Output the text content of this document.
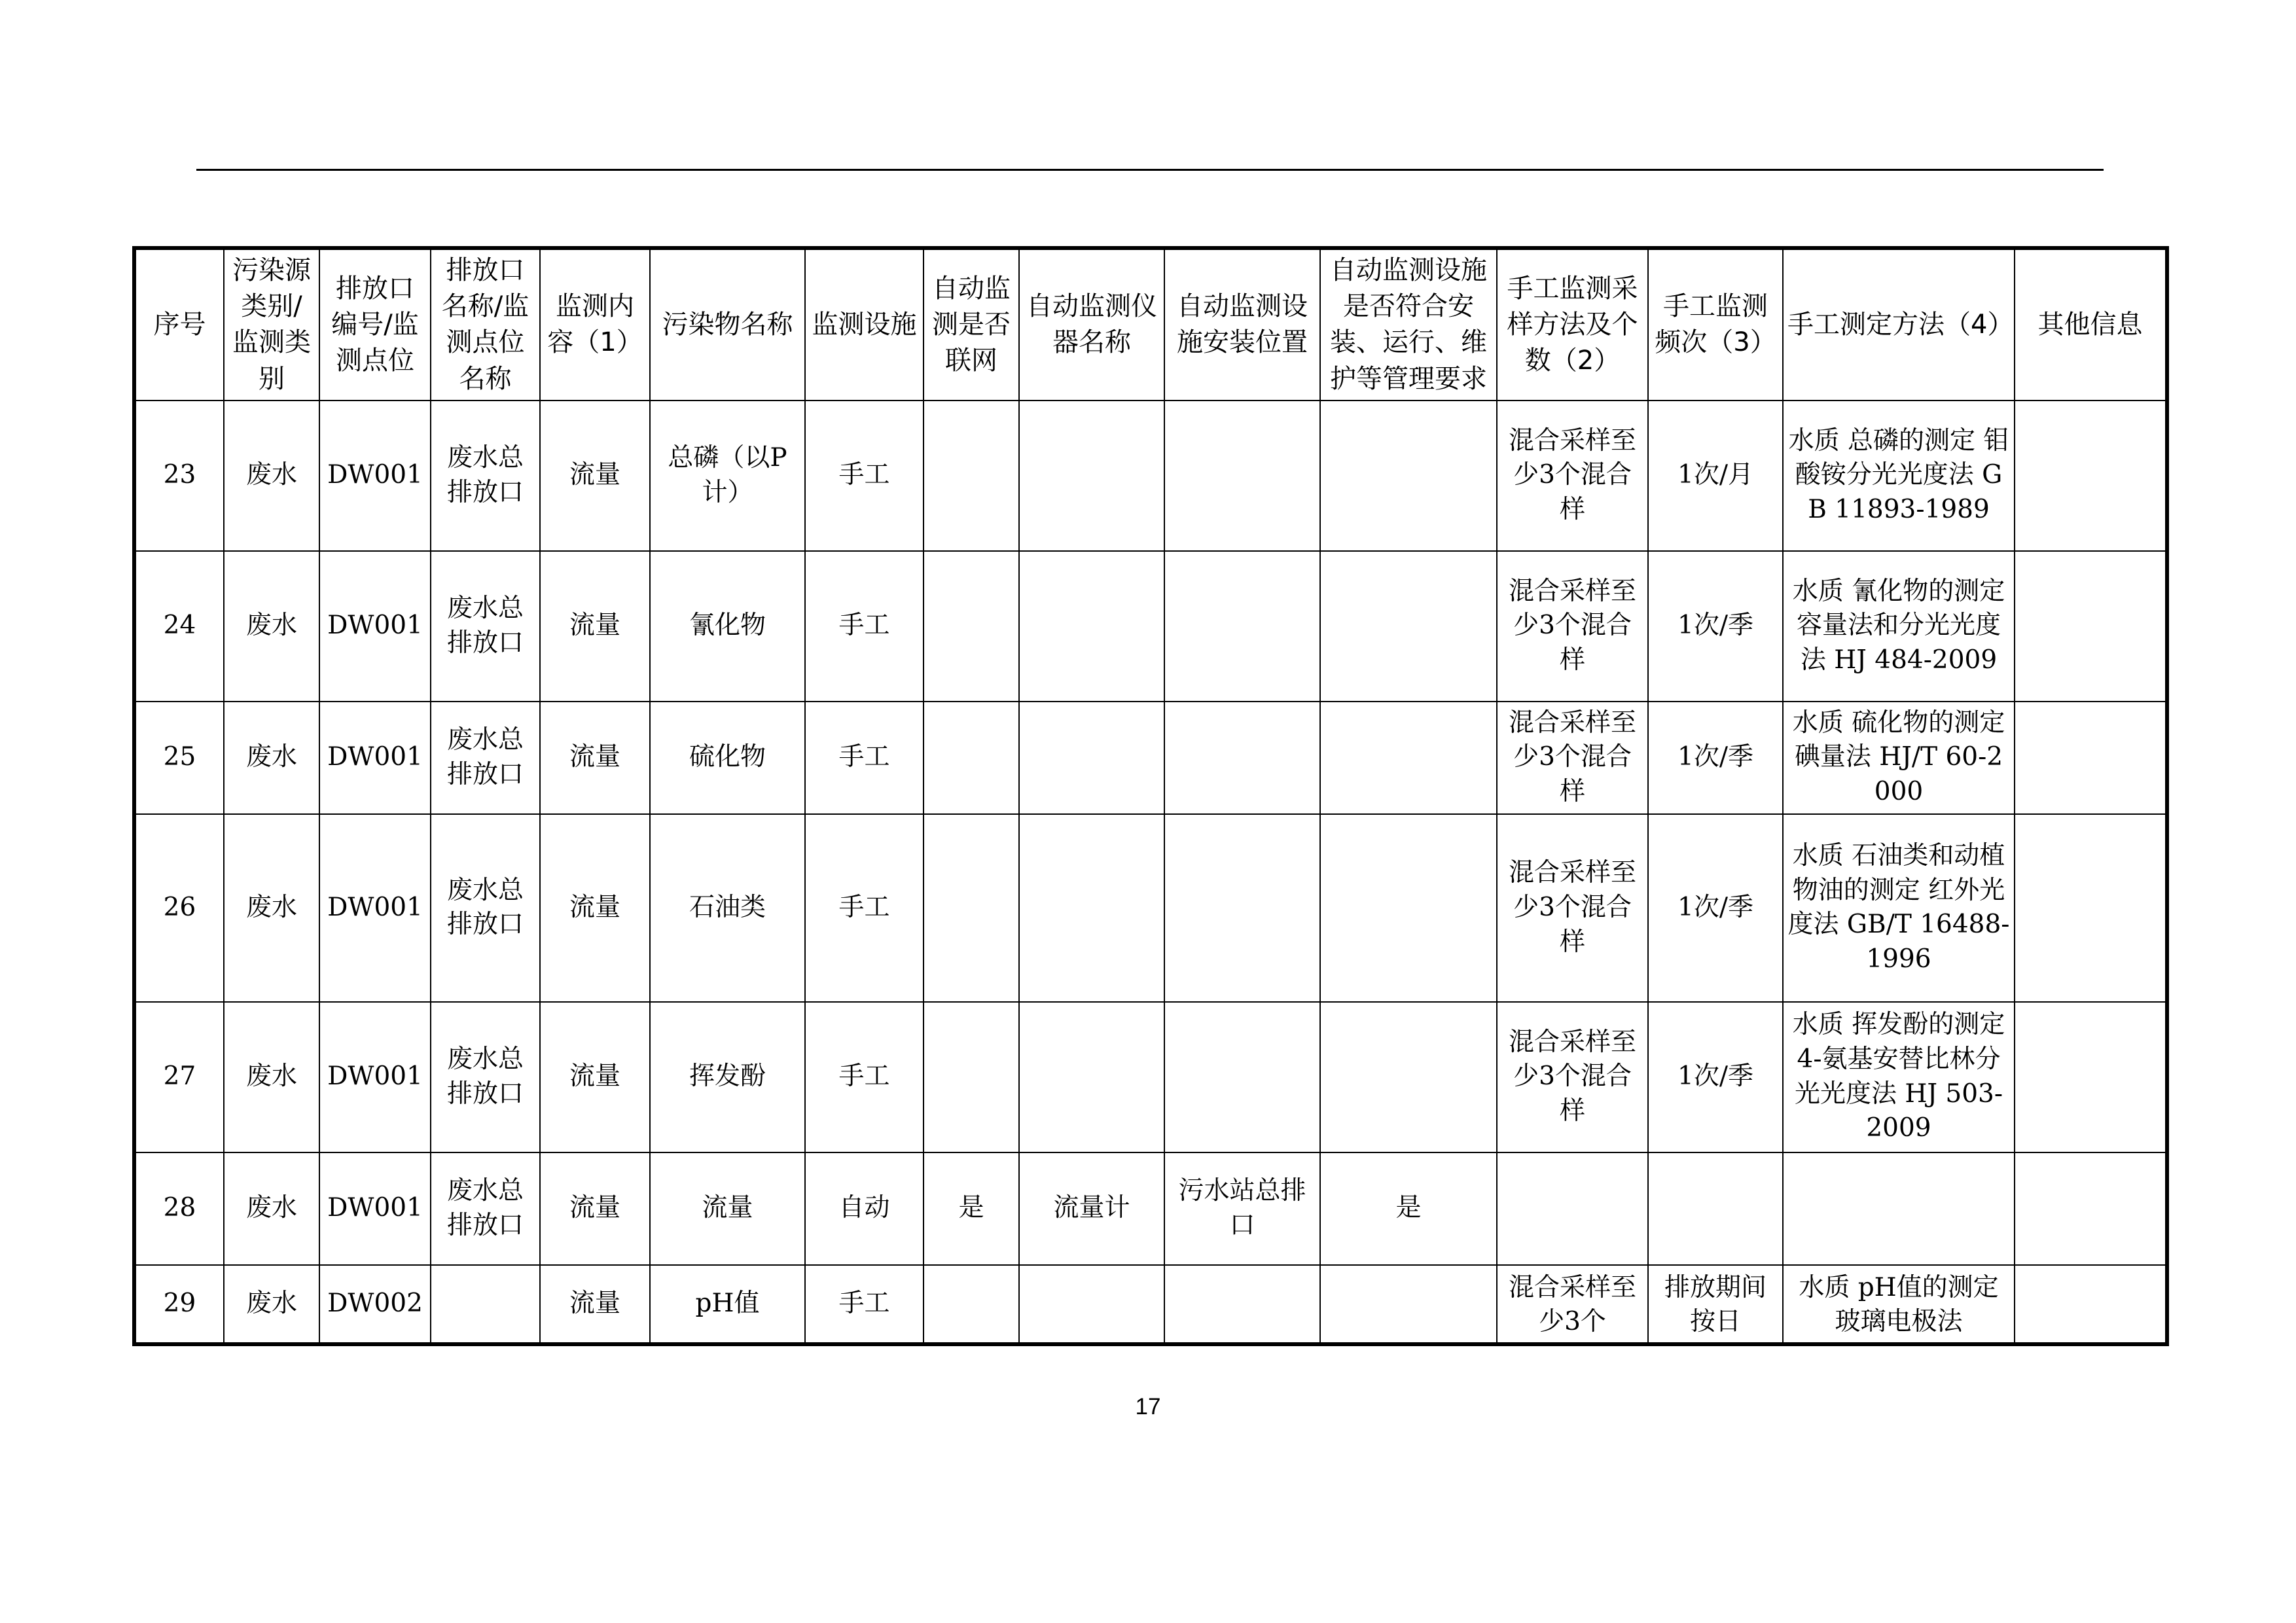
序号	污染源类别/监测类别	排放口编号/监测点位	排放口名称/监测点位名称	监测内容（1）	污染物名称	监测设施	自动监测是否联网	自动监测仪器名称	自动监测设施安装位置	自动监测设施是否符合安装、运行、维护等管理要求	手工监测采样方法及个数（2）	手工监测频次（3）	手工测定方法（4）	其他信息
23	废水	DW001	废水总排放口	流量	总磷（以P计）	手工					混合采样至少3个混合样	1次/月	水质 总磷的测定 钼酸铵分光光度法 GB 11893-1989	
24	废水	DW001	废水总排放口	流量	氰化物	手工					混合采样至少3个混合样	1次/季	水质 氰化物的测定 容量法和分光光度法 HJ 484-2009	
25	废水	DW001	废水总排放口	流量	硫化物	手工					混合采样至少3个混合样	1次/季	水质 硫化物的测定 碘量法 HJ/T 60-2000	
26	废水	DW001	废水总排放口	流量	石油类	手工					混合采样至少3个混合样	1次/季	水质 石油类和动植物油的测定 红外光度法 GB/T 16488-1996	
27	废水	DW001	废水总排放口	流量	挥发酚	手工					混合采样至少3个混合样	1次/季	水质 挥发酚的测定 4-氨基安替比林分光光度法 HJ 503-2009	
28	废水	DW001	废水总排放口	流量	流量	自动	是	流量计	污水站总排口	是				
29	废水	DW002		流量	pH值	手工					混合采样至少3个	排放期间按日	水质 pH值的测定 玻璃电极法	
17
